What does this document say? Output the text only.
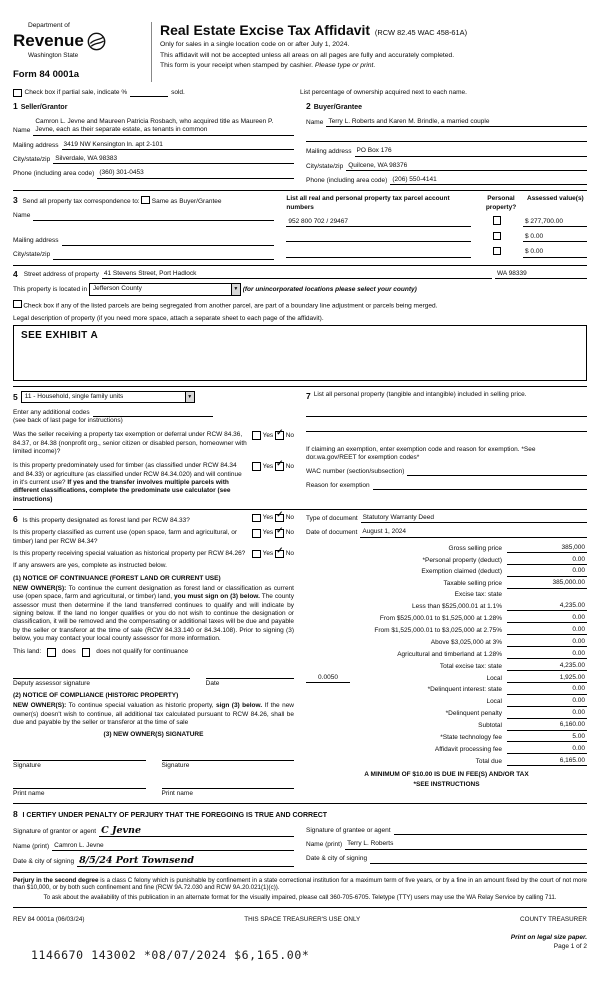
Department of
Revenue
Washington State
Form 84 0001a
Real Estate Excise Tax Affidavit (RCW 82.45 WAC 458-61A)
Only for sales in a single location code on or after July 1, 2024.
This affidavit will not be accepted unless all areas on all pages are fully and accurately completed.
This form is your receipt when stamped by cashier. Please type or print.
Check box if partial sale, indicate %	sold.	List percentage of ownership acquired next to each name.
1 Seller/Grantor
Name
Camron L. Jevne and Maureen Patricia Rosbach, who acquired title as Maureen P. Jevne, each as their separate estate, as tenants in common
Mailing address 3419 NW Kensington ln. apt 2-101
City/state/zip Silverdale, WA 98383
Phone (including area code) (360) 301-0453
2 Buyer/Grantee
Name Terry L. Roberts and Karen M. Brindle, a married couple
Mailing address PO Box 176
City/state/zip Quilcene, WA 98376
Phone (including area code) (206) 550-4141
3 Send all property tax correspondence to: Same as Buyer/Grantee
Name
Mailing address
City/state/zip
List all real and personal property tax parcel account numbers
Personal property?
Assessed value(s)
952 800 702 / 29467	$ 277,700.00
$ 0.00
$ 0.00
4 Street address of property 41 Stevens Street, Port Hadlock	WA 98339
This property is located in Jefferson County	▼ (for unincorporated locations please select your county)
Check box if any of the listed parcels are being segregated from another parcel, are part of a boundary line adjustment or parcels being merged.
Legal description of property (if you need more space, attach a separate sheet to each page of the affidavit).
SEE EXHIBIT A
5	11 - Household, single family units	▼
Enter any additional codes
(see back of last page for instructions)
Was the seller receiving a property tax exemption or deferral under RCW 84.36, 84.37, or 84.38 (nonprofit org., senior citizen or disabled person, homeowner with limited income)?
Yes ✓ No
Is this property predominately used for timber (as classified under RCW 84.34 and 84.33) or agriculture (as classified under RCW 84.34.020) and will continue in it's current use? If yes and the transfer involves multiple parcels with different classifications, complete the predominate use calculator (see instructions)
Yes ✓ No
7 List all personal property (tangible and intangible) included in selling price.
If claiming an exemption, enter exemption code and reason for exemption. *See dor.wa.gov/REET for exemption codes*
WAC number (section/subsection)
Reason for exemption
6 Is this property designated as forest land per RCW 84.33?	Yes ✓ No
Is this property classified as current use (open space, farm and agricultural, or timber) land per RCW 84.34?
Yes ✓ No
Is this property receiving special valuation as historical property per RCW 84.26?	Yes ✓ No
If any answers are yes, complete as instructed below.
(1) NOTICE OF CONTINUANCE (FOREST LAND OR CURRENT USE)
NEW OWNER(S): To continue the current designation as forest land or classification as current use (open space, farm and agricultural, or timber) land, you must sign on (3) below. The county assessor must then determine if the land transferred continues to qualify and will indicate by signing below. If the land no longer qualifies or you do not wish to continue the designation or classification, it will be removed and the compensating or additional taxes will be due and payable by the seller or transferor at the time of sale (RCW 84.33.140 or 84.34.108). Prior to signing (3) below, you may contact your local county assessor for more information.
This land:	does	does not qualify for continuance
Deputy assessor signature	Date
(2) NOTICE OF COMPLIANCE (HISTORIC PROPERTY)
NEW OWNER(S): To continue special valuation as historic property, sign (3) below. If the new owner(s) doesn't wish to continue, all additional tax calculated pursuant to RCW 84.26, shall be due and payable by the seller or transferor at the time of sale
(3) NEW OWNER(S) SIGNATURE
Signature	Signature
Print name	Print name
Type of document Statutory Warranty Deed
Date of document August 1, 2024
Gross selling price	385,000
*Personal property (deduct)	0.00
Exemption claimed (deduct)	0.00
Taxable selling price	385,000.00
Excise tax: state
Less than $525,000.01 at 1.1%	4,235.00
From $525,000.01 to $1,525,000 at 1.28%	0.00
From $1,525,000.01 to $3,025,000 at 2.75%	0.00
Above $3,025,000 at 3%	0.00
Agricultural and timberland at 1.28%	0.00
Total excise tax: state	4,235.00
0.0050	Local	1,925.00
*Delinquent interest: state	0.00
Local	0.00
*Delinquent penalty	0.00
Subtotal	6,160.00
*State technology fee	5.00
Affidavit processing fee	0.00
Total due	6,165.00
A MINIMUM OF $10.00 IS DUE IN FEE(S) AND/OR TAX
*SEE INSTRUCTIONS
8 I CERTIFY UNDER PENALTY OF PERJURY THAT THE FOREGOING IS TRUE AND CORRECT
Signature of grantor or agent C Jevne
Name (print) Camron L. Jevne
Date & city of signing 8/5/24 Port Townsend
Signature of grantee or agent
Name (print) Terry L. Roberts
Date & city of signing
Perjury in the second degree is a class C felony which is punishable by confinement in a state correctional institution for a maximum term of five years, or by a fine in an amount fixed by the court of not more than $10,000, or by both such confinement and fine (RCW 9A.72.030 and RCW 9A.20.021(1)(c)).
To ask about the availability of this publication in an alternate format for the visually impaired, please call 360-705-6705. Teletype (TTY) users may use the WA Relay Service by calling 711.
REV 84 0001a (06/03/24)	THIS SPACE TREASURER'S USE ONLY	COUNTY TREASURER
1146670 143002 *08/07/2024 $6,165.00*
Print on legal size paper.
Page 1 of 2
